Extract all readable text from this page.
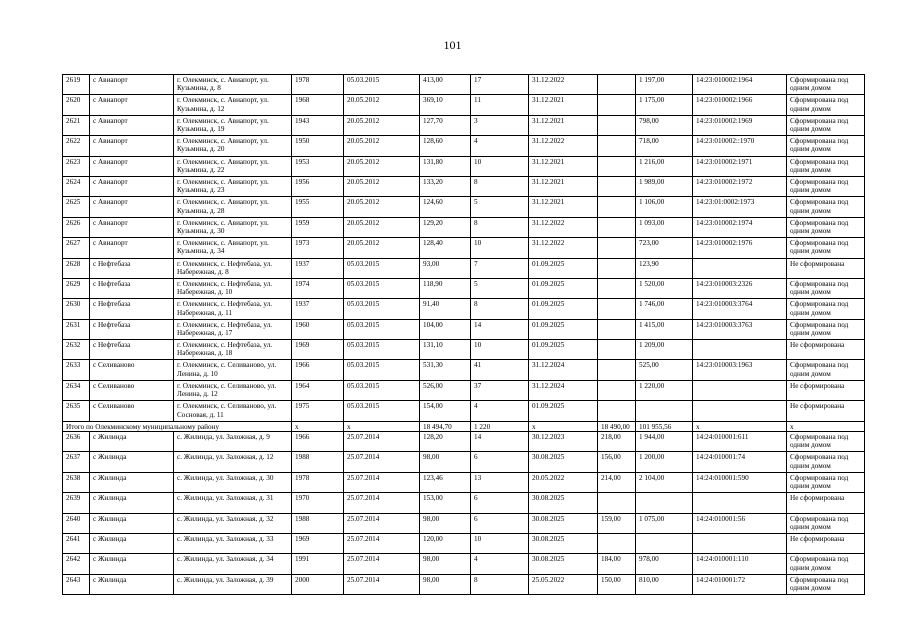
101
2619	с Авиапорт	г. Олекминск, с. Авиапорт, ул. Кузьмина, д. 8	1978	05.03.2015	413,00	17	31.12.2022		1 197,00	14:23:010002:1964	Сформирована под одним домом
2620	с Авиапорт	г. Олекминск, с. Авиапорт, ул. Кузьмина, д. 12	1968	20.05.2012	369,10	11	31.12.2021		1 175,00	14:23:010002:1966	Сформирована под одним домом
2621	с Авиапорт	г. Олекминск, с. Авиапорт, ул. Кузьмина, д. 19	1943	20.05.2012	127,70	3	31.12.2021		798,00	14:23:010002:1969	Сформирована под одним домом
2622	с Авиапорт	г. Олекминск, с. Авиапорт, ул. Кузьмина, д. 20	1950	20.05.2012	128,60	4	31.12.2022		718,00	14:23:010002::1970	Сформирована под одним домом
2623	с Авиапорт	г. Олекминск, с. Авиапорт, ул. Кузьмина, д. 22	1953	20.05.2012	131,80	10	31.12.2021		1 216,00	14:23:010002:1971	Сформирована под одним домом
2624	с Авиапорт	г. Олекминск, с. Авиапорт, ул. Кузьмина, д. 23	1956	20.05.2012	133,20	8	31.12.2021		1 989,00	14:23:010002:1972	Сформирована под одним домом
2625	с Авиапорт	г. Олекминск, с. Авиапорт, ул. Кузьмина, д. 28	1955	20.05.2012	124,60	5	31.12.2021		1 106,00	14:23:01:0002:1973	Сформирована под одним домом
2626	с Авиапорт	г. Олекминск, с. Авиапорт, ул. Кузьмина, д. 30	1959	20.05.2012	129,20	8	31.12.2022		1 093,00	14:23:010002:1974	Сформирована под одним домом
2627	с Авиапорт	г. Олекминск, с. Авиапорт, ул. Кузьмина, д. 34	1973	20.05.2012	128,40	10	31.12.2022		723,00	14:23:010002:1976	Сформирована под одним домом
2628	с Нефтебаза	г. Олекминск, с. Нефтебаза, ул. Набережная, д. 8	1937	05.03.2015	93,00	7	01.09.2025		123,90		Не сформирована
2629	с Нефтебаза	г. Олекминск, с. Нефтебаза, ул. Набережная, д. 10	1974	05.03.2015	118,90	5	01.09.2025		1 520,00	14:23:010003:2326	Сформирована под одним домом
2630	с Нефтебаза	г. Олекминск, с. Нефтебаза, ул. Набережная, д. 11	1937	05.03.2015	91,40	8	01.09.2025		1 746,00	14:23:010003:3764	Сформирована под одним домом
2631	с Нефтебаза	г. Олекминск, с. Нефтебаза, ул. Набережная, д. 17	1960	05.03.2015	104,00	14	01.09.2025		1 415,00	14:23:010003:3763	Сформирована под одним домом
2632	с Нефтебаза	г. Олекминск, с. Нефтебаза, ул. Набережная, д. 18	1969	05.03.2015	131,10	10	01.09.2025		1 209,00		Не сформирована
2633	с Селивaново	г. Олекминск, с. Селиваново, ул. Ленина, д. 10	1966	05.03.2015	531,30	41	31.12.2024		525,00	14:23:010003:1963	Сформирована под одним домом
2634	с Селиваново	г. Олекминск, с. Селиваново, ул. Ленина, д. 12	1964	05.03.2015	526,00	37	31.12.2024		1 220,00		Не сформирована
2635	с Селиваново	г. Олекминск, с. Селиваново, ул. Сосновая, д. 11	1975	05.03.2015	154,00	4	01.09.2025				Не сформирована
Итого по Олекминскому муниципальному району			x	x	18 494,70	1 220	x	18 490,00	101 955,56	x	x
2636	с Жилинда	с. Жилинда, ул. Заложная, д. 9	1966	25.07.2014	128,20	14	30.12.2023	218,00	1 944,00	14:24:010001:611	Сформирована под одним домом
2637	с Жилинда	с. Жилинда, ул. Заложная, д. 12	1988	25.07.2014	98,00	6	30.08.2025	156,00	1 200,00	14:24:010001:74	Сформирована под одним домом
2638	с Жилинда	с. Жилинда, ул. Заложная, д. 30	1978	25.07.2014	123,46	13	20.05.2022	214,00	2 104,00	14:24:010001:590	Сформирована под одним домом
2639	с Жилинда	с. Жилинда, ул. Заложная, д. 31	1970	25.07.2014	153,00	6	30.08.2025				Не сформирована
2640	с Жилинда	с. Жилинда, ул. Заложная, д. 32	1988	25.07.2014	98,00	6	30.08.2025	159,00	1 075,00	14:24:010001:56	Сформирована под одним домом
2641	с Жилинда	с. Жилинда, ул. Заложная, д. 33	1969	25.07.2014	120,00	10	30.08.2025				Не сформирована
2642	с Жилинда	с. Жилинда, ул. Заложная, д. 34	1991	25.07.2014	98,00	4	30.08.2025	184,00	978,00	14:24:010001:110	Сформирована под одним домом
2643	с Жилинда	с. Жилинда, ул. Заложная, д. 39	2000	25.07.2014	98,00	8	25.05.2022	150,00	810,00	14:24:010001:72	Сформирована под одним домом
